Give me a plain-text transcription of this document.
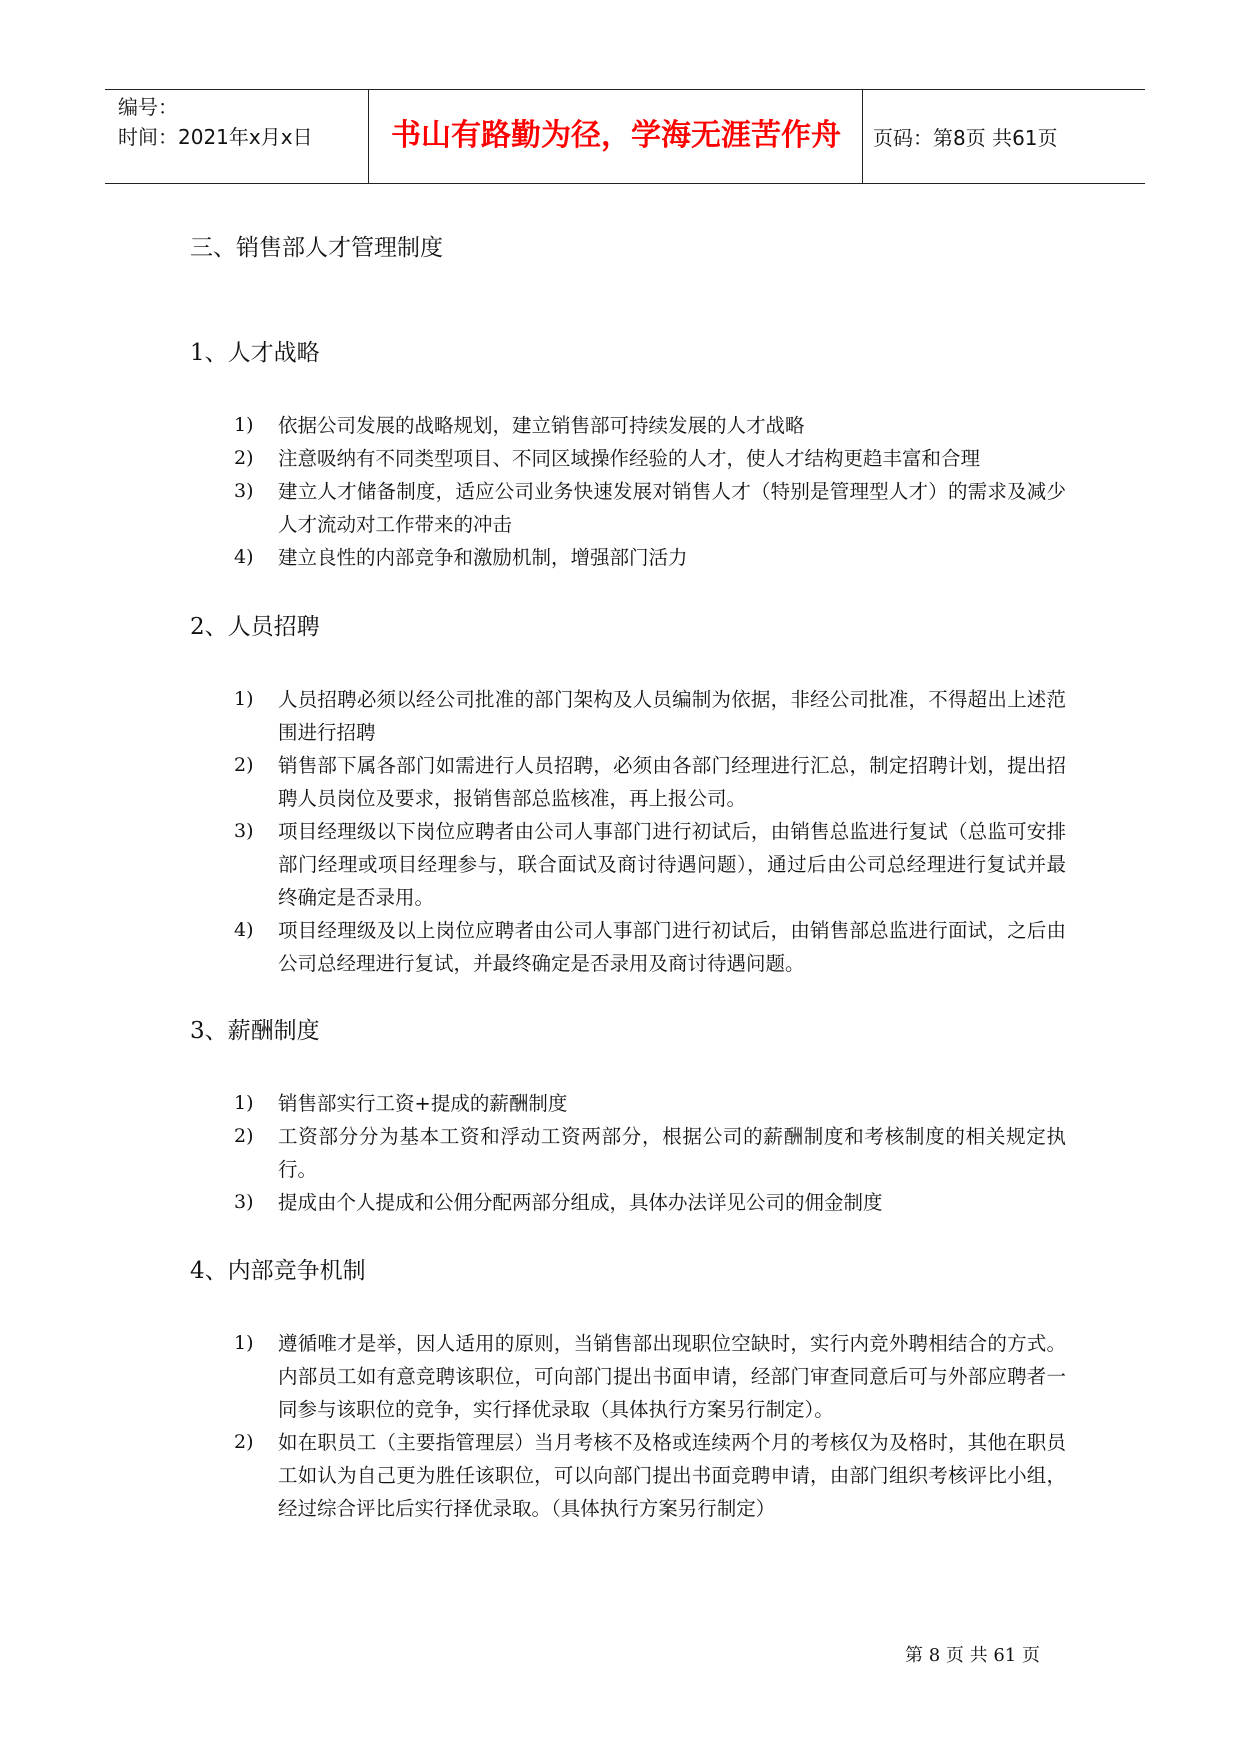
编号：
时间：2021年x月x日	书山有路勤为径，学海无涯苦作舟	页码：第8页 共61页
三、销售部人才管理制度
1、人才战略
1) 依据公司发展的战略规划，建立销售部可持续发展的人才战略
2) 注意吸纳有不同类型项目、不同区域操作经验的人才，使人才结构更趋丰富和合理
3) 建立人才储备制度，适应公司业务快速发展对销售人才（特别是管理型人才）的需求及减少人才流动对工作带来的冲击
4) 建立良性的内部竞争和激励机制，增强部门活力
2、人员招聘
1) 人员招聘必须以经公司批准的部门架构及人员编制为依据，非经公司批准，不得超出上述范围进行招聘
2) 销售部下属各部门如需进行人员招聘，必须由各部门经理进行汇总，制定招聘计划，提出招聘人员岗位及要求，报销售部总监核准，再上报公司。
3) 项目经理级以下岗位应聘者由公司人事部门进行初试后，由销售总监进行复试（总监可安排部门经理或项目经理参与，联合面试及商讨待遇问题），通过后由公司总经理进行复试并最终确定是否录用。
4) 项目经理级及以上岗位应聘者由公司人事部门进行初试后，由销售部总监进行面试，之后由公司总经理进行复试，并最终确定是否录用及商讨待遇问题。
3、薪酬制度
1) 销售部实行工资+提成的薪酬制度
2) 工资部分分为基本工资和浮动工资两部分，根据公司的薪酬制度和考核制度的相关规定执行。
3) 提成由个人提成和公佣分配两部分组成，具体办法详见公司的佣金制度
4、内部竞争机制
1) 遵循唯才是举，因人适用的原则，当销售部出现职位空缺时，实行内竞外聘相结合的方式。内部员工如有意竞聘该职位，可向部门提出书面申请，经部门审查同意后可与外部应聘者一同参与该职位的竞争，实行择优录取（具体执行方案另行制定）。
2) 如在职员工（主要指管理层）当月考核不及格或连续两个月的考核仅为及格时，其他在职员工如认为自己更为胜任该职位，可以向部门提出书面竞聘申请，由部门组织考核评比小组，经过综合评比后实行择优录取。（具体执行方案另行制定）
第 8 页 共 61 页
